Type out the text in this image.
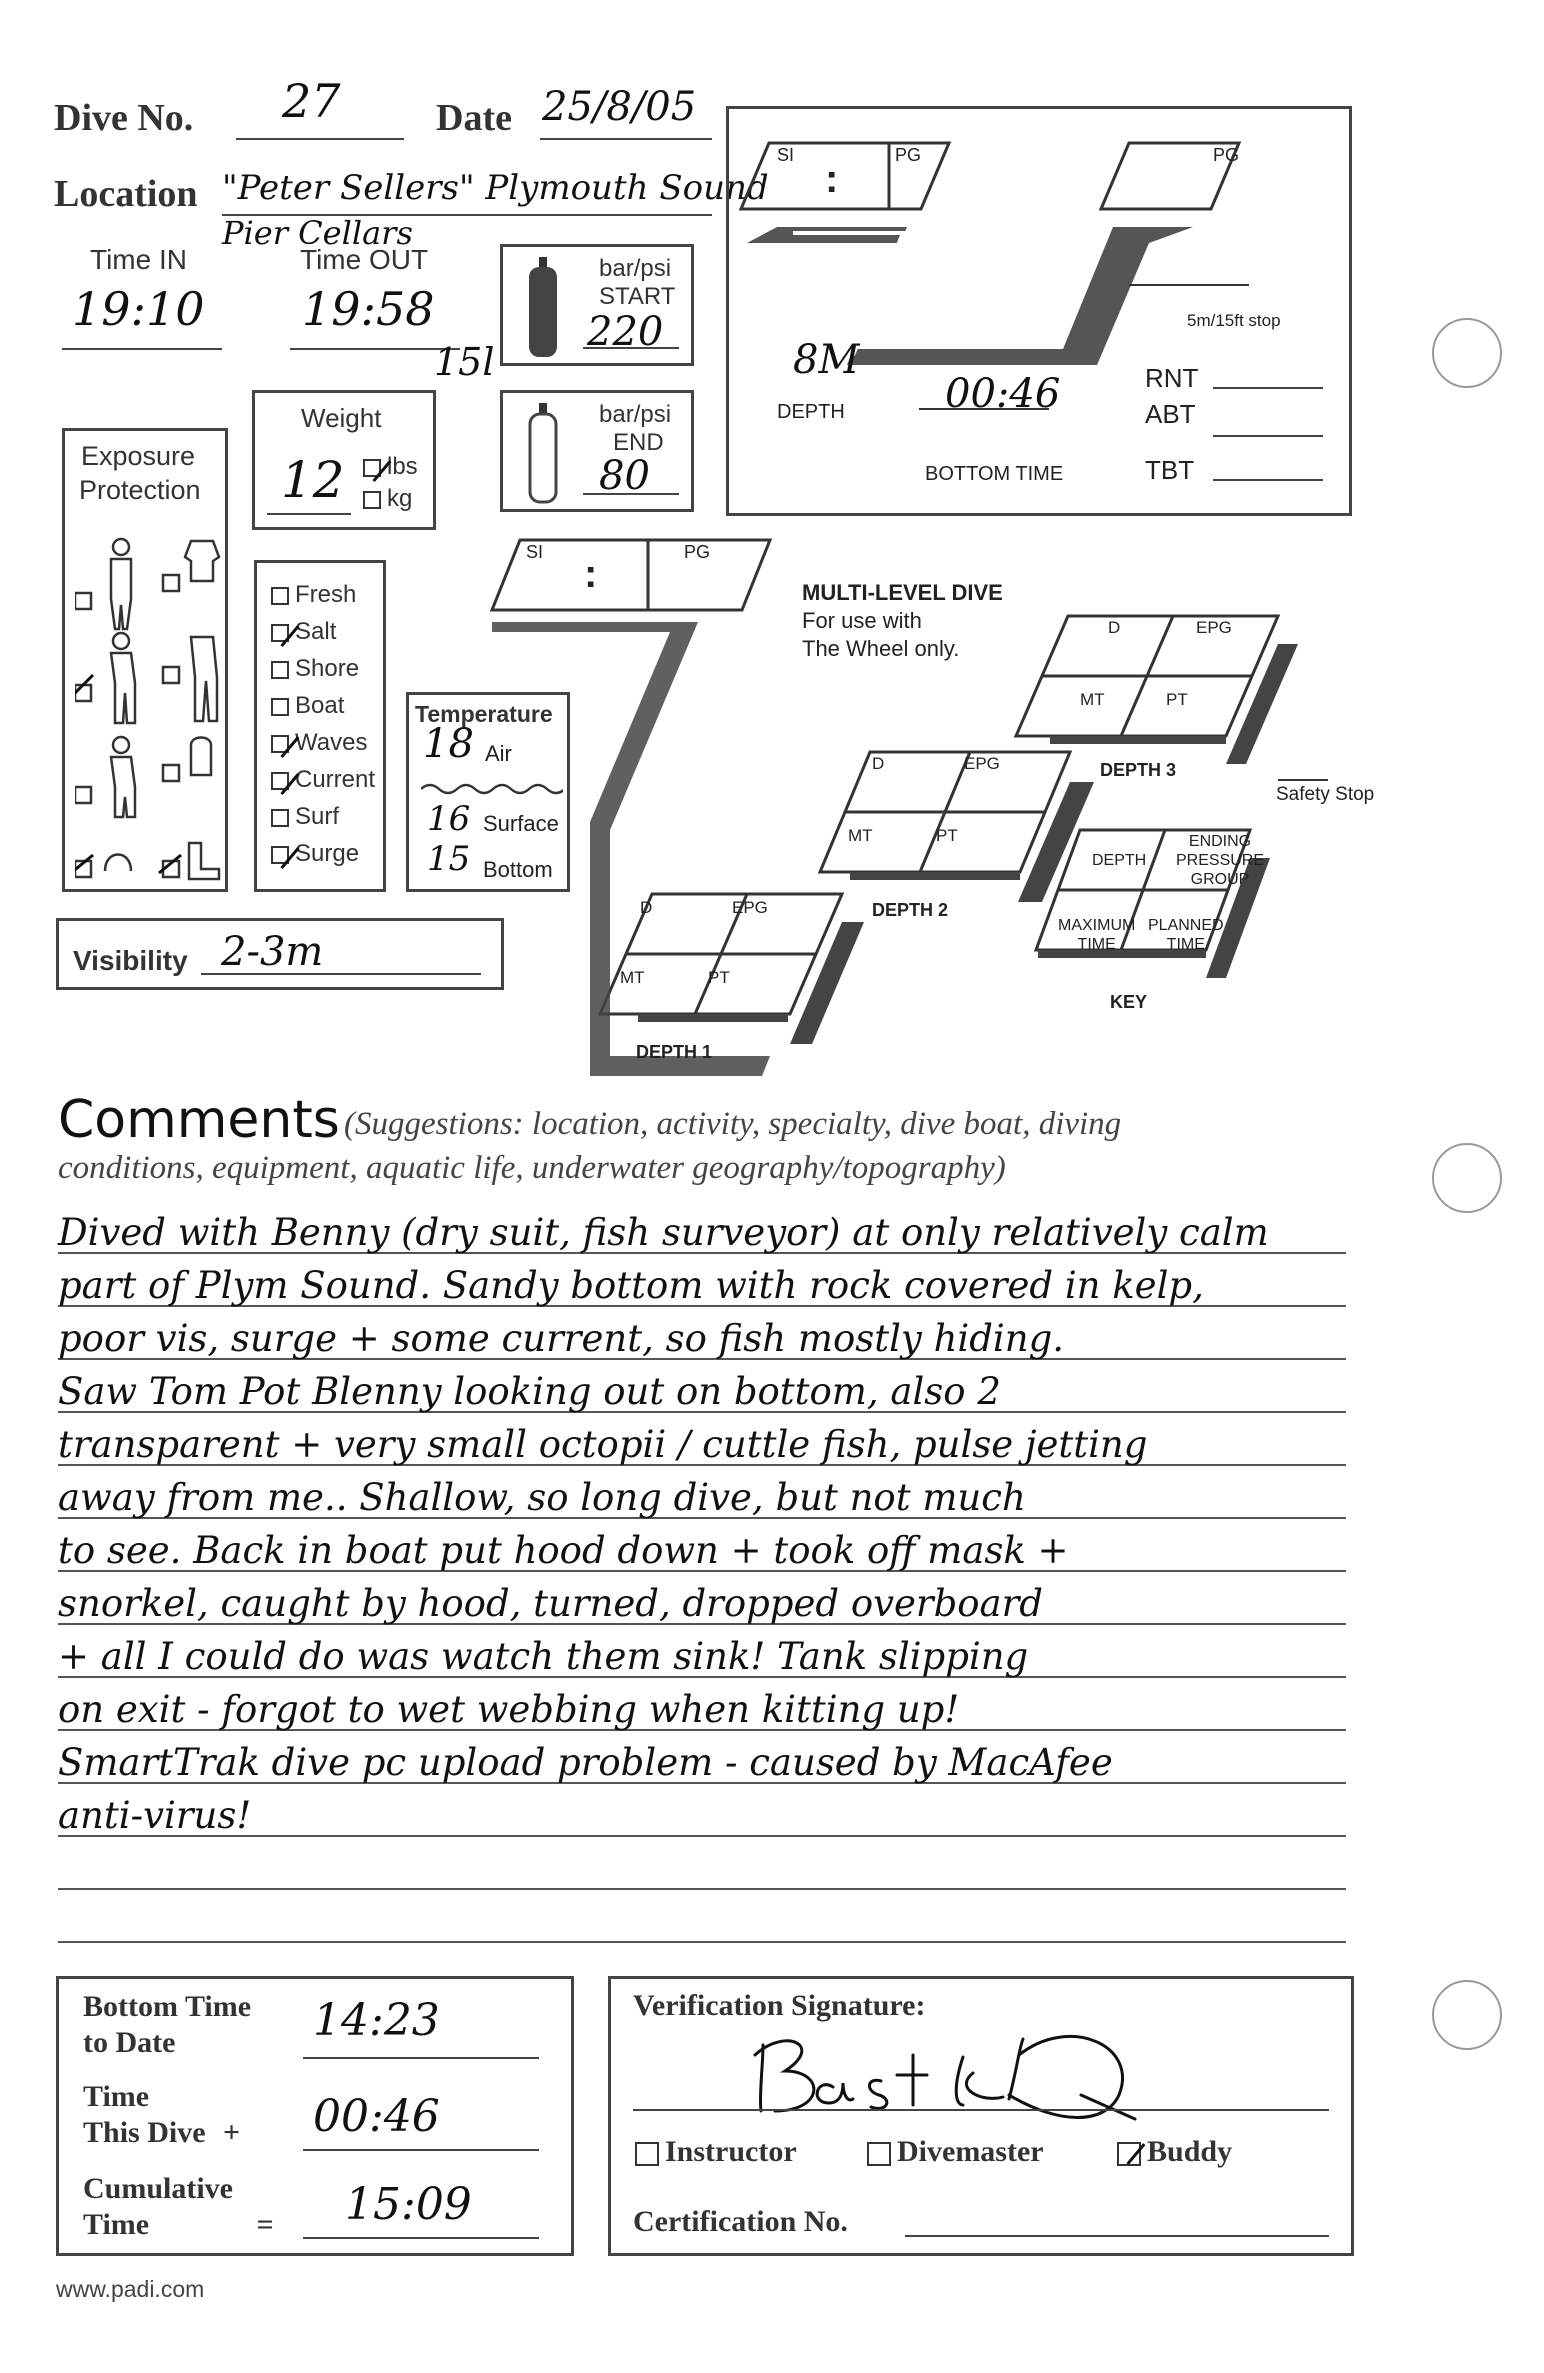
Dive No. 27	Date 25/8/05
Location "Peter Sellers" Plymouth Sound
Pier Cellars
Time IN
19:10
Time OUT
19:58
15l
bar/psi
START
220
bar/psi
END
80
Weight
12	lbs
kg
Exposure
Protection
Fresh
Salt
Shore
Boat
Waves
Current
Surf
Surge
Temperature
18 Air
16 Surface
15 Bottom
Visibility 2-3m
SI
:
PG	PG
5m/15ft stop
8M
DEPTH	00:46
BOTTOM TIME
RNT
ABT
TBT
SI :	PG
MULTI-LEVEL DIVE
For use with
The Wheel only.
D	EPG
MT	PT
DEPTH 1
D	EPG
MT	PT
DEPTH 2
D	EPG
MT	PT
DEPTH 3
Safety Stop
DEPTH
ENDING
PRESSURE
GROUP
MAXIMUM
TIME
PLANNED
TIME
KEY
Comments (Suggestions: location, activity, specialty, dive boat, diving
conditions, equipment, aquatic life, underwater geography/topography)
Dived with Benny (dry suit, fish surveyor) at only relatively calm
part of Plym Sound. Sandy bottom with rock covered in kelp,
poor vis, surge + some current, so fish mostly hiding.
Saw Tom Pot Blenny looking out on bottom, also 2
transparent + very small octopii / cuttle fish, pulse jetting
away from me.. Shallow, so long dive, but not much
to see. Back in boat put hood down + took off mask +
snorkel, caught by hood, turned, dropped overboard
+ all I could do was watch them sink! Tank slipping
on exit - forgot to wet webbing when kitting up!
SmartTrak dive pc upload problem - caused by MacAfee
anti-virus!
Bottom Time
to Date	14:23
Time
This Dive + 00:46
Cumulative
Time	= 15:09
Verification Signature:
Instructor	Divemaster	Buddy
Certification No.
www.padi.com
